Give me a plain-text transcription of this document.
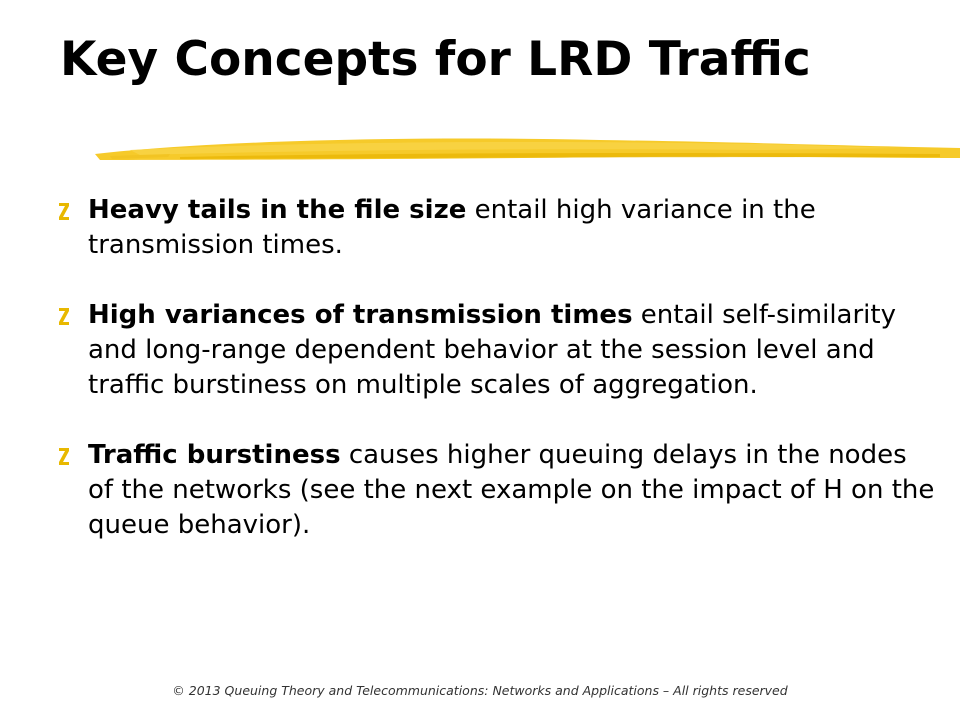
Key Concepts for LRD Traffic
Heavy tails in the file size entail high variance in the transmission times.
High variances of transmission times entail self-similarity and long-range dependent behavior at the session level and traffic burstiness on multiple scales of aggregation.
Traffic burstiness causes higher queuing delays in the nodes of the networks (see the next example on the impact of H on the queue behavior).
© 2013 Queuing Theory and Telecommunications: Networks and Applications – All rights reserved
